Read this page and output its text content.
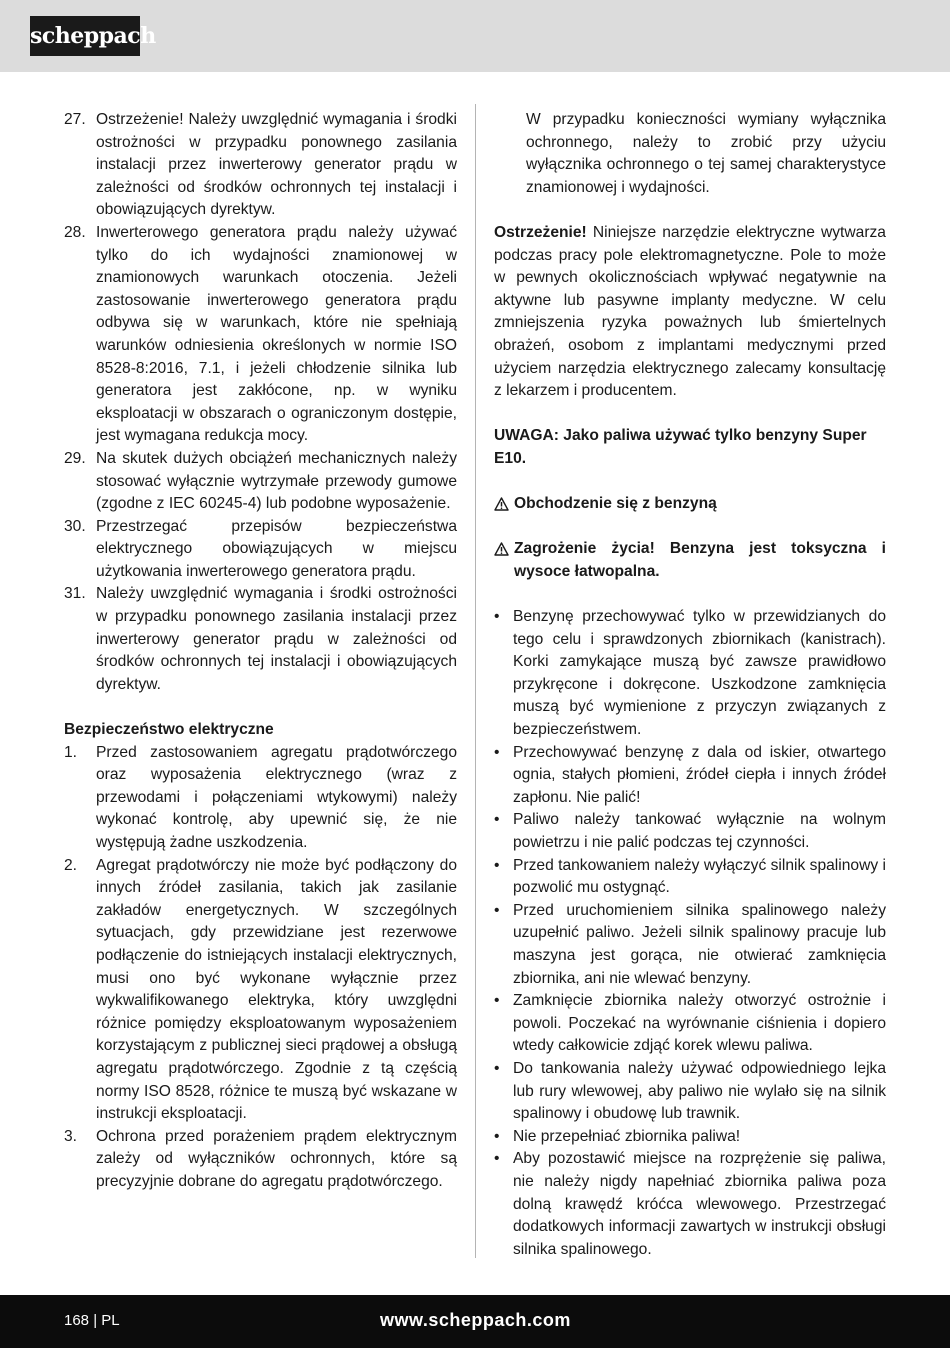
scheppach
27. Ostrzeżenie! Należy uwzględnić wymagania i środki ostrożności w przypadku ponownego zasilania instalacji przez inwerterowy generator prądu w zależności od środków ochronnych tej instalacji i obowiązujących dyrektyw.
28. Inwerterowego generatora prądu należy używać tylko do ich wydajności znamionowej w znamionowych warunkach otoczenia. Jeżeli zastosowanie inwerterowego generatora prądu odbywa się w warunkach, które nie spełniają warunków odniesienia określonych w normie ISO 8528-8:2016, 7.1, i jeżeli chłodzenie silnika lub generatora jest zakłócone, np. w wyniku eksploatacji w obszarach o ograniczonym dostępie, jest wymagana redukcja mocy.
29. Na skutek dużych obciążeń mechanicznych należy stosować wyłącznie wytrzymałe przewody gumowe (zgodne z IEC 60245-4) lub podobne wyposażenie.
30. Przestrzegać przepisów bezpieczeństwa elektrycznego obowiązujących w miejscu użytkowania inwerterowego generatora prądu.
31. Należy uwzględnić wymagania i środki ostrożności w przypadku ponownego zasilania instalacji przez inwerterowy generator prądu w zależności od środków ochronnych tej instalacji i obowiązujących dyrektyw.
Bezpieczeństwo elektryczne
1.	Przed zastosowaniem agregatu prądotwórczego oraz wyposażenia elektrycznego (wraz z przewodami i połączeniami wtykowymi) należy wykonać kontrolę, aby upewnić się, że nie występują żadne uszkodzenia.
2.	Agregat prądotwórczy nie może być podłączony do innych źródeł zasilania, takich jak zasilanie zakładów energetycznych. W szczególnych sytuacjach, gdy przewidziane jest rezerwowe podłączenie do istniejących instalacji elektrycznych, musi ono być wykonane wyłącznie przez wykwalifikowanego elektryka, który uwzględni różnice pomiędzy eksploatowanym wyposażeniem korzystającym z publicznej sieci prądowej a obsługą agregatu prądotwórczego. Zgodnie z tą częścią normy ISO 8528, różnice te muszą być wskazane w instrukcji eksploatacji.
3.	Ochrona przed porażeniem prądem elektrycznym zależy od wyłączników ochronnych, które są precyzyjnie dobrane do agregatu prądotwórczego.
W przypadku konieczności wymiany wyłącznika ochronnego, należy to zrobić przy użyciu wyłącznika ochronnego o tej samej charakterystyce znamionowej i wydajności.
Ostrzeżenie! Niniejsze narzędzie elektryczne wytwarza podczas pracy pole elektromagnetyczne. Pole to może w pewnych okolicznościach wpływać negatywnie na aktywne lub pasywne implanty medyczne. W celu zmniejszenia ryzyka poważnych lub śmiertelnych obrażeń, osobom z implantami medycznymi przed użyciem narzędzia elektrycznego zalecamy konsultację z lekarzem i producentem.
UWAGA: Jako paliwa używać tylko benzyny Super E10.
Obchodzenie się z benzyną
Zagrożenie życia! Benzyna jest toksyczna i wysoce łatwopalna.
• Benzynę przechowywać tylko w przewidzianych do tego celu i sprawdzonych zbiornikach (kanistrach). Korki zamykające muszą być zawsze prawidłowo przykręcone i dokręcone. Uszkodzone zamknięcia muszą być wymienione z przyczyn związanych z bezpieczeństwem.
• Przechowywać benzynę z dala od iskier, otwartego ognia, stałych płomieni, źródeł ciepła i innych źródeł zapłonu. Nie palić!
• Paliwo należy tankować wyłącznie na wolnym powietrzu i nie palić podczas tej czynności.
• Przed tankowaniem należy wyłączyć silnik spalinowy i pozwolić mu ostygnąć.
• Przed uruchomieniem silnika spalinowego należy uzupełnić paliwo. Jeżeli silnik spalinowy pracuje lub maszyna jest gorąca, nie otwierać zamknięcia zbiornika, ani nie wlewać benzyny.
• Zamknięcie zbiornika należy otworzyć ostrożnie i powoli. Poczekać na wyrównanie ciśnienia i dopiero wtedy całkowicie zdjąć korek wlewu paliwa.
• Do tankowania należy używać odpowiedniego lejka lub rury wlewowej, aby paliwo nie wylało się na silnik spalinowy i obudowę lub trawnik.
• Nie przepełniać zbiornika paliwa!
• Aby pozostawić miejsce na rozprężenie się paliwa, nie należy nigdy napełniać zbiornika paliwa poza dolną krawędź króćca wlewowego. Przestrzegać dodatkowych informacji zawartych w instrukcji obsługi silnika spalinowego.
168 | PL	www.scheppach.com
